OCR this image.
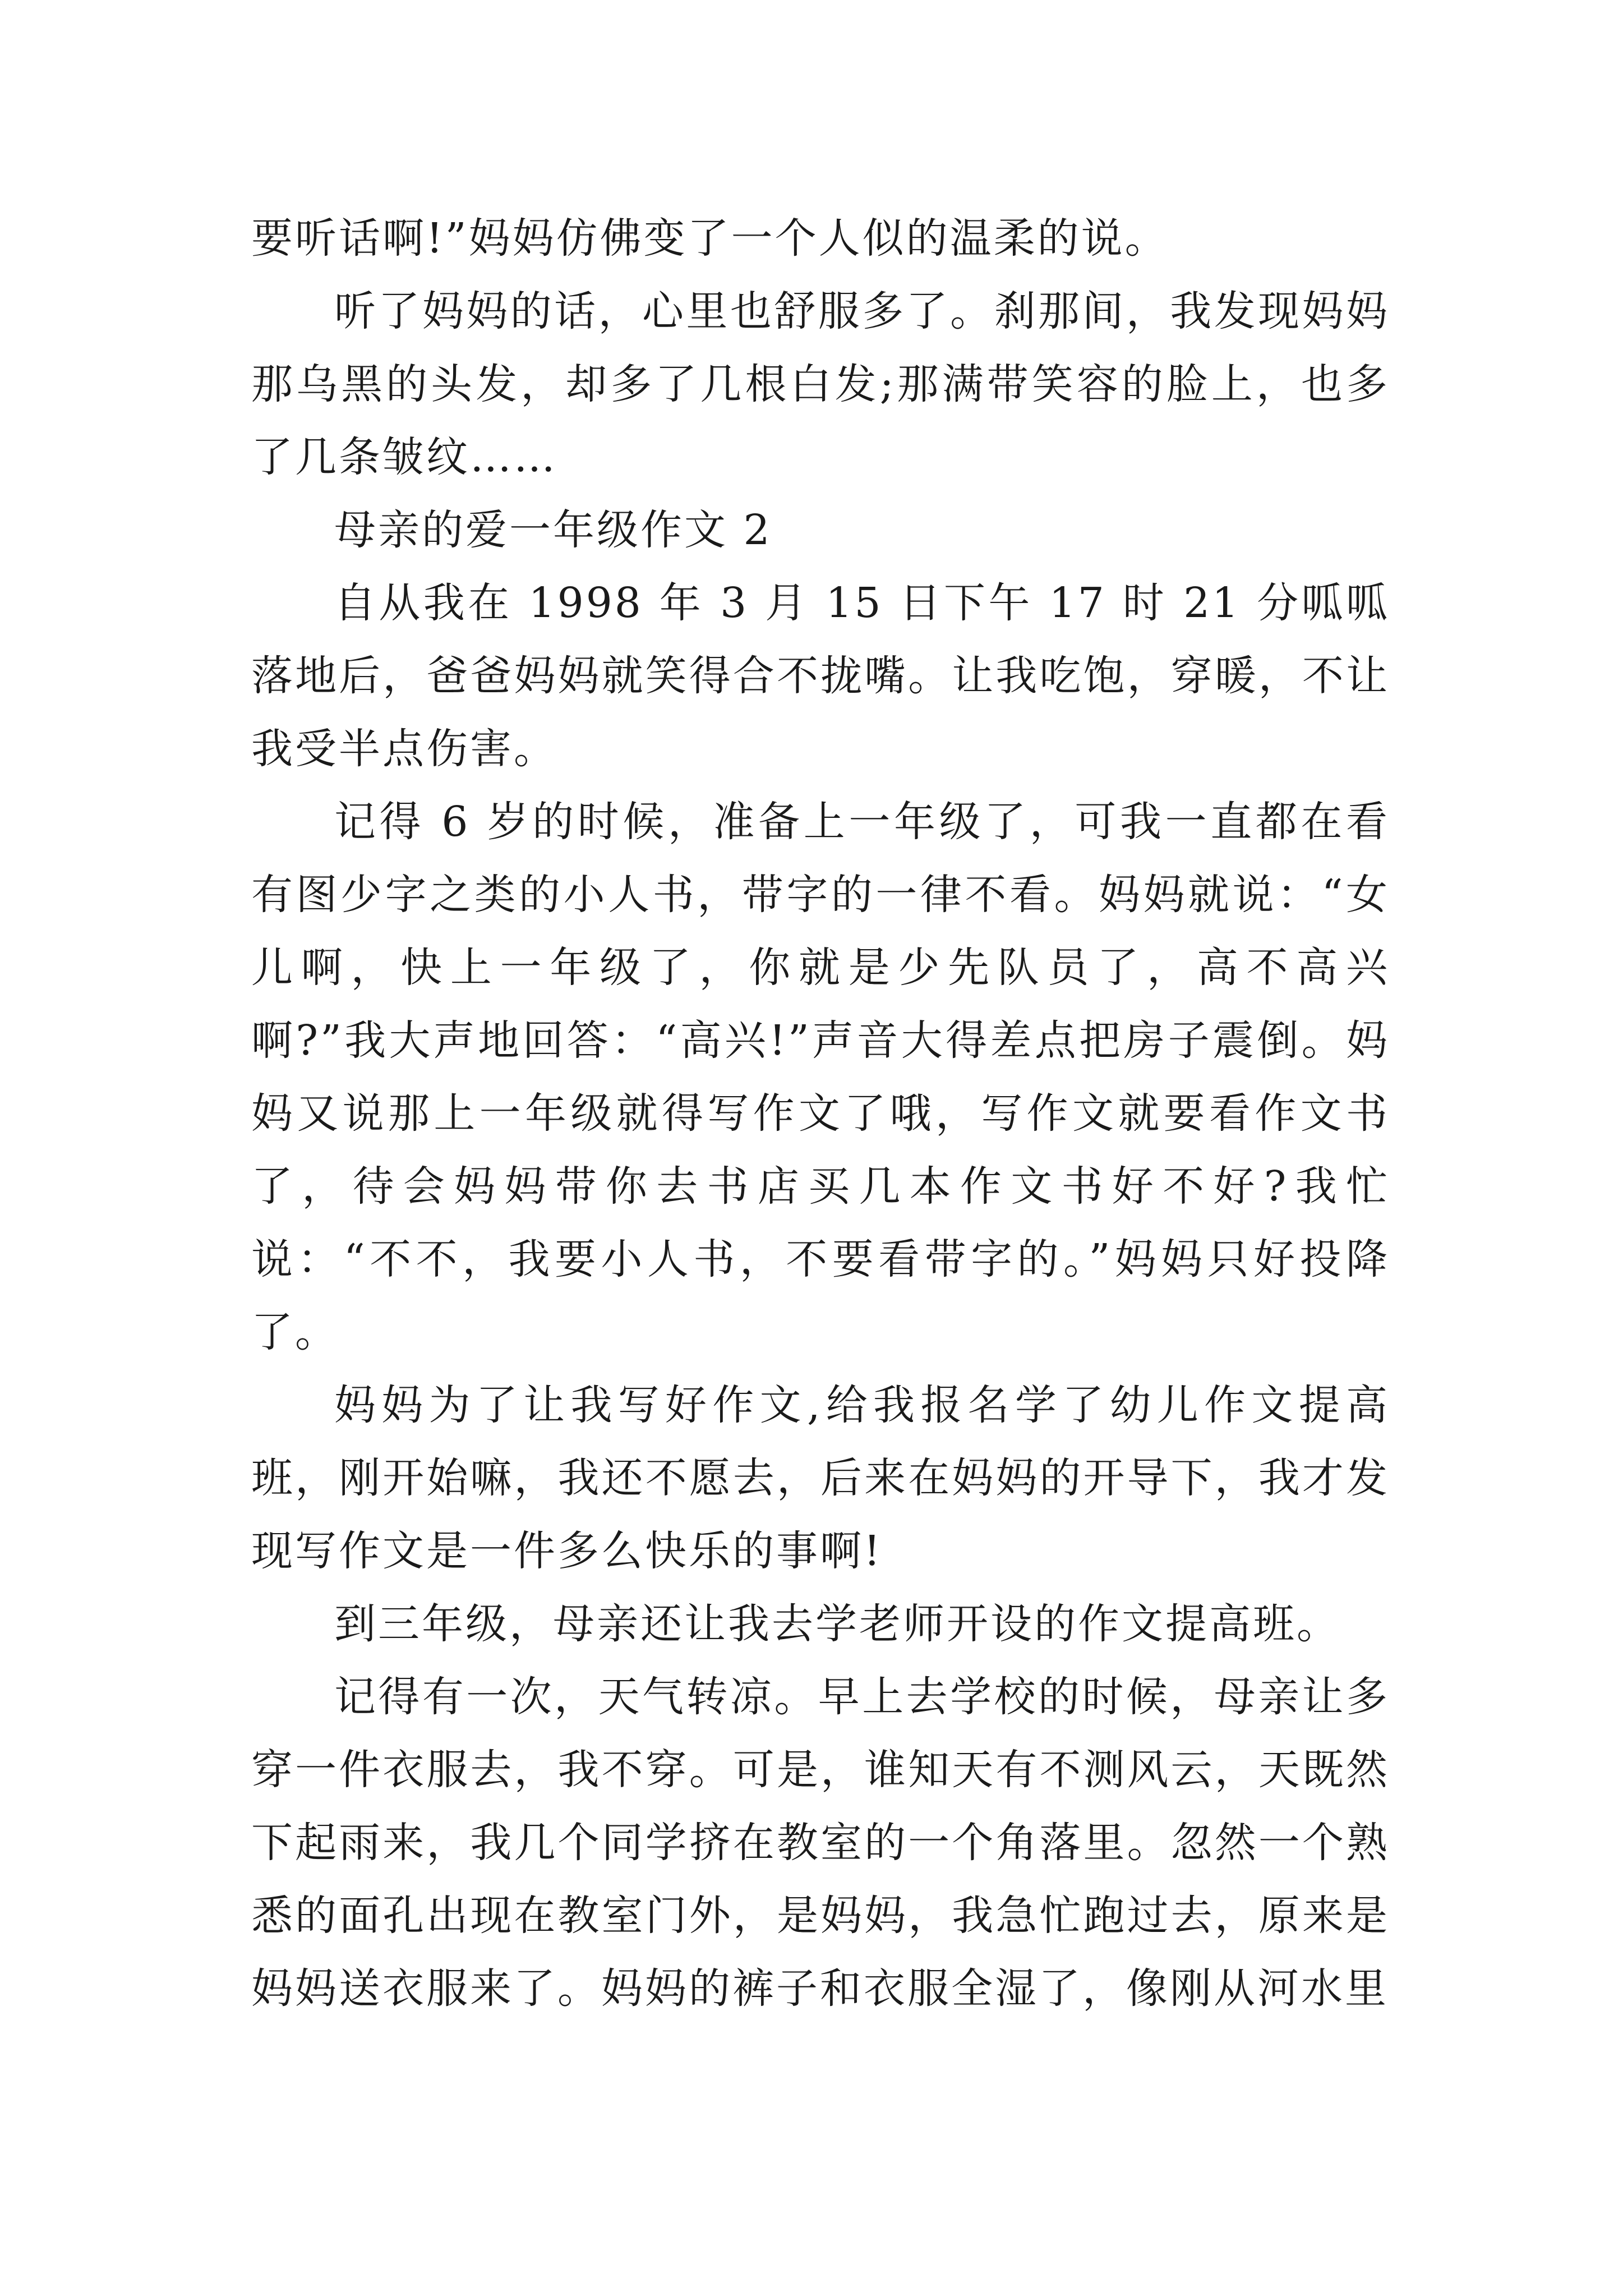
要听话啊!”妈妈仿佛变了一个人似的温柔的说。

听了妈妈的话，心里也舒服多了。刹那间，我发现妈妈那乌黑的头发，却多了几根白发;那满带笑容的脸上，也多了几条皱纹……

母亲的爱一年级作文 2

自从我在 1998 年 3 月 15 日下午 17 时 21 分呱呱落地后，爸爸妈妈就笑得合不拢嘴。让我吃饱，穿暖，不让我受半点伤害。

记得 6 岁的时候，准备上一年级了，可我一直都在看有图少字之类的小人书，带字的一律不看。妈妈就说：“女儿啊，快上一年级了，你就是少先队员了，高不高兴啊?”我大声地回答：“高兴!”声音大得差点把房子震倒。妈妈又说那上一年级就得写作文了哦，写作文就要看作文书了，待会妈妈带你去书店买几本作文书好不好?我忙说：“不不，我要小人书，不要看带字的。”妈妈只好投降了。

妈妈为了让我写好作文,给我报名学了幼儿作文提高班，刚开始嘛，我还不愿去，后来在妈妈的开导下，我才发现写作文是一件多么快乐的事啊!

到三年级，母亲还让我去学老师开设的作文提高班。

记得有一次，天气转凉。早上去学校的时候，母亲让多穿一件衣服去，我不穿。可是，谁知天有不测风云，天既然下起雨来，我几个同学挤在教室的一个角落里。忽然一个熟悉的面孔出现在教室门外，是妈妈，我急忙跑过去，原来是妈妈送衣服来了。妈妈的裤子和衣服全湿了，像刚从河水里
